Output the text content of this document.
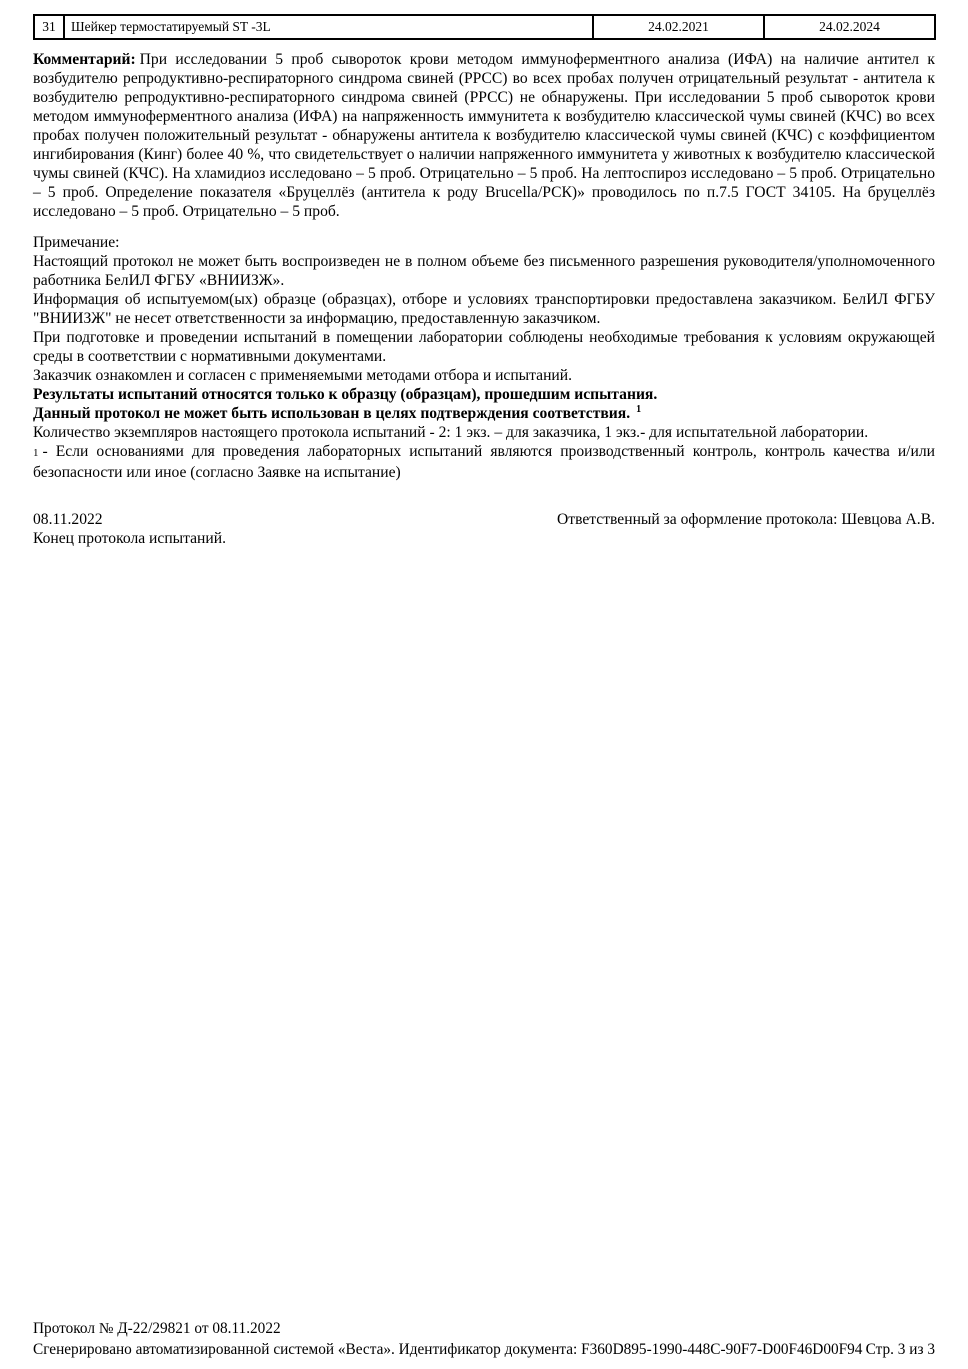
31	Шейкер термостатируемый ST -3L	24.02.2021	24.02.2024

Комментарий: При исследовании 5 проб сывороток крови методом иммуноферментного анализа (ИФА) на наличие антител к возбудителю репродуктивно-респираторного синдрома свиней (РРСС) во всех пробах получен отрицательный результат - антитела к возбудителю репродуктивно-респираторного синдрома свиней (РРСС) не обнаружены. При исследовании 5 проб сывороток крови методом иммуноферментного анализа (ИФА) на напряженность иммунитета к возбудителю классической чумы свиней (КЧС) во всех пробах получен положительный результат - обнаружены антитела к возбудителю классической чумы свиней (КЧС) с коэффициентом ингибирования (Кинг) более 40 %, что свидетельствует о наличии напряженного иммунитета у животных к возбудителю классической чумы свиней (КЧС). На хламидиоз исследовано – 5 проб. Отрицательно – 5 проб. На лептоспироз исследовано – 5 проб. Отрицательно – 5 проб. Определение показателя «Бруцеллёз (антитела к роду Brucella/РСК)» проводилось по п.7.5 ГОСТ 34105. На бруцеллёз исследовано – 5 проб. Отрицательно – 5 проб.

Примечание:

Настоящий протокол не может быть воспроизведен не в полном объеме без письменного разрешения руководителя/уполномоченного работника БелИЛ ФГБУ «ВНИИЗЖ».

Информация об испытуемом(ых) образце (образцах), отборе и условиях транспортировки предоставлена заказчиком. БелИЛ ФГБУ "ВНИИЗЖ" не несет ответственности за информацию, предоставленную заказчиком.

При подготовке и проведении испытаний в помещении лаборатории соблюдены необходимые требования к условиям окружающей среды в соответствии с нормативными документами.

Заказчик ознакомлен и согласен с применяемыми методами отбора и испытаний.

Результаты испытаний относятся только к образцу (образцам), прошедшим испытания.

Данный протокол не может быть использован в целях подтверждения соответствия. $^1$

Количество экземпляров настоящего протокола испытаний - 2: 1 экз. – для заказчика, 1 экз.- для испытательной лаборатории.

1 - Если основаниями для проведения лабораторных испытаний являются производственный контроль, контроль качества и/или безопасности или иное (согласно Заявке на испытание)

08.11.2022	Ответственный за оформление протокола: Шевцова А.В.

Конец протокола испытаний.

Протокол № Д-22/29821 от 08.11.2022
Сгенерировано автоматизированной системой «Веста». Идентификатор документа: F360D895-1990-448C-90F7-D00F46D00F94 Стр. 3 из 3
